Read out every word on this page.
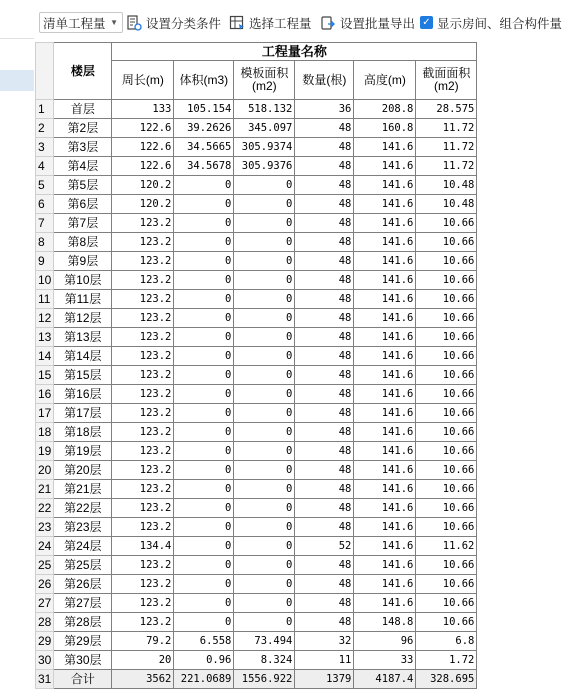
清单工程量 ▼ 设置分类条件 选择工程量 设置批量导出 ✓ 显示房间、组合构件量
	楼层	工程量名称					
		周长(m)	体积(m3)	模板面积(m2)	数量(根)	高度(m)	截面面积(m2)
1	首层	133	105.154	518.132	36	208.8	28.575
2	第2层	122.6	39.2626	345.097	48	160.8	11.72
3	第3层	122.6	34.5665	305.9374	48	141.6	11.72
4	第4层	122.6	34.5678	305.9376	48	141.6	11.72
5	第5层	120.2	0	0	48	141.6	10.48
6	第6层	120.2	0	0	48	141.6	10.48
7	第7层	123.2	0	0	48	141.6	10.66
8	第8层	123.2	0	0	48	141.6	10.66
9	第9层	123.2	0	0	48	141.6	10.66
10	第10层	123.2	0	0	48	141.6	10.66
11	第11层	123.2	0	0	48	141.6	10.66
12	第12层	123.2	0	0	48	141.6	10.66
13	第13层	123.2	0	0	48	141.6	10.66
14	第14层	123.2	0	0	48	141.6	10.66
15	第15层	123.2	0	0	48	141.6	10.66
16	第16层	123.2	0	0	48	141.6	10.66
17	第17层	123.2	0	0	48	141.6	10.66
18	第18层	123.2	0	0	48	141.6	10.66
19	第19层	123.2	0	0	48	141.6	10.66
20	第20层	123.2	0	0	48	141.6	10.66
21	第21层	123.2	0	0	48	141.6	10.66
22	第22层	123.2	0	0	48	141.6	10.66
23	第23层	123.2	0	0	48	141.6	10.66
24	第24层	134.4	0	0	52	141.6	11.62
25	第25层	123.2	0	0	48	141.6	10.66
26	第26层	123.2	0	0	48	141.6	10.66
27	第27层	123.2	0	0	48	141.6	10.66
28	第28层	123.2	0	0	48	148.8	10.66
29	第29层	79.2	6.558	73.494	32	96	6.8
30	第30层	20	0.96	8.324	11	33	1.72
31	合计	3562	221.0689	1556.922	1379	4187.4	328.695
